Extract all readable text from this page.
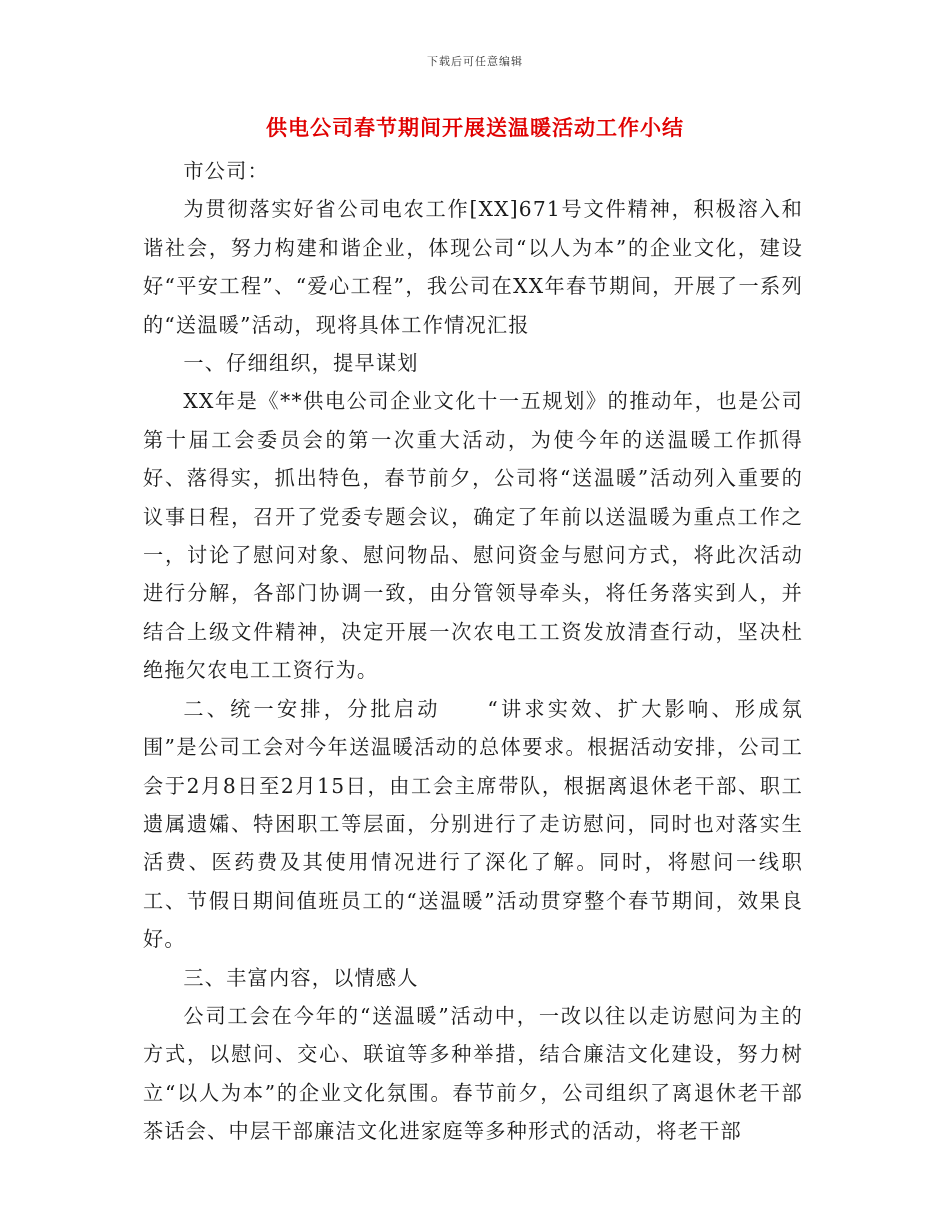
下载后可任意编辑
供电公司春节期间开展送温暖活动工作小结

市公司：

为贯彻落实好省公司电农工作[XX]671号文件精神，积极溶入和谐社会，努力构建和谐企业，体现公司“以人为本”的企业文化，建设好“平安工程”、“爱心工程”，我公司在XX年春节期间，开展了一系列的“送温暖”活动，现将具体工作情况汇报

一、仔细组织，提早谋划

XX年是《**供电公司企业文化十一五规划》的推动年，也是公司第十届工会委员会的第一次重大活动，为使今年的送温暖工作抓得好、落得实，抓出特色，春节前夕，公司将“送温暖”活动列入重要的议事日程，召开了党委专题会议，确定了年前以送温暖为重点工作之一，讨论了慰问对象、慰问物品、慰问资金与慰问方式，将此次活动进行分解，各部门协调一致，由分管领导牵头，将任务落实到人，并结合上级文件精神，决定开展一次农电工工资发放清查行动，坚决杜绝拖欠农电工工资行为。

二、统一安排，分批启动　　“讲求实效、扩大影响、形成氛围”是公司工会对今年送温暖活动的总体要求。根据活动安排，公司工会于2月8日至2月15日，由工会主席带队，根据离退休老干部、职工遗属遗孀、特困职工等层面，分别进行了走访慰问，同时也对落实生活费、医药费及其使用情况进行了深化了解。同时，将慰问一线职工、节假日期间值班员工的“送温暖”活动贯穿整个春节期间，效果良好。

三、丰富内容，以情感人

公司工会在今年的“送温暖”活动中，一改以往以走访慰问为主的方式，以慰问、交心、联谊等多种举措，结合廉洁文化建设，努力树立“以人为本”的企业文化氛围。春节前夕，公司组织了离退休老干部茶话会、中层干部廉洁文化进家庭等多种形式的活动，将老干部
